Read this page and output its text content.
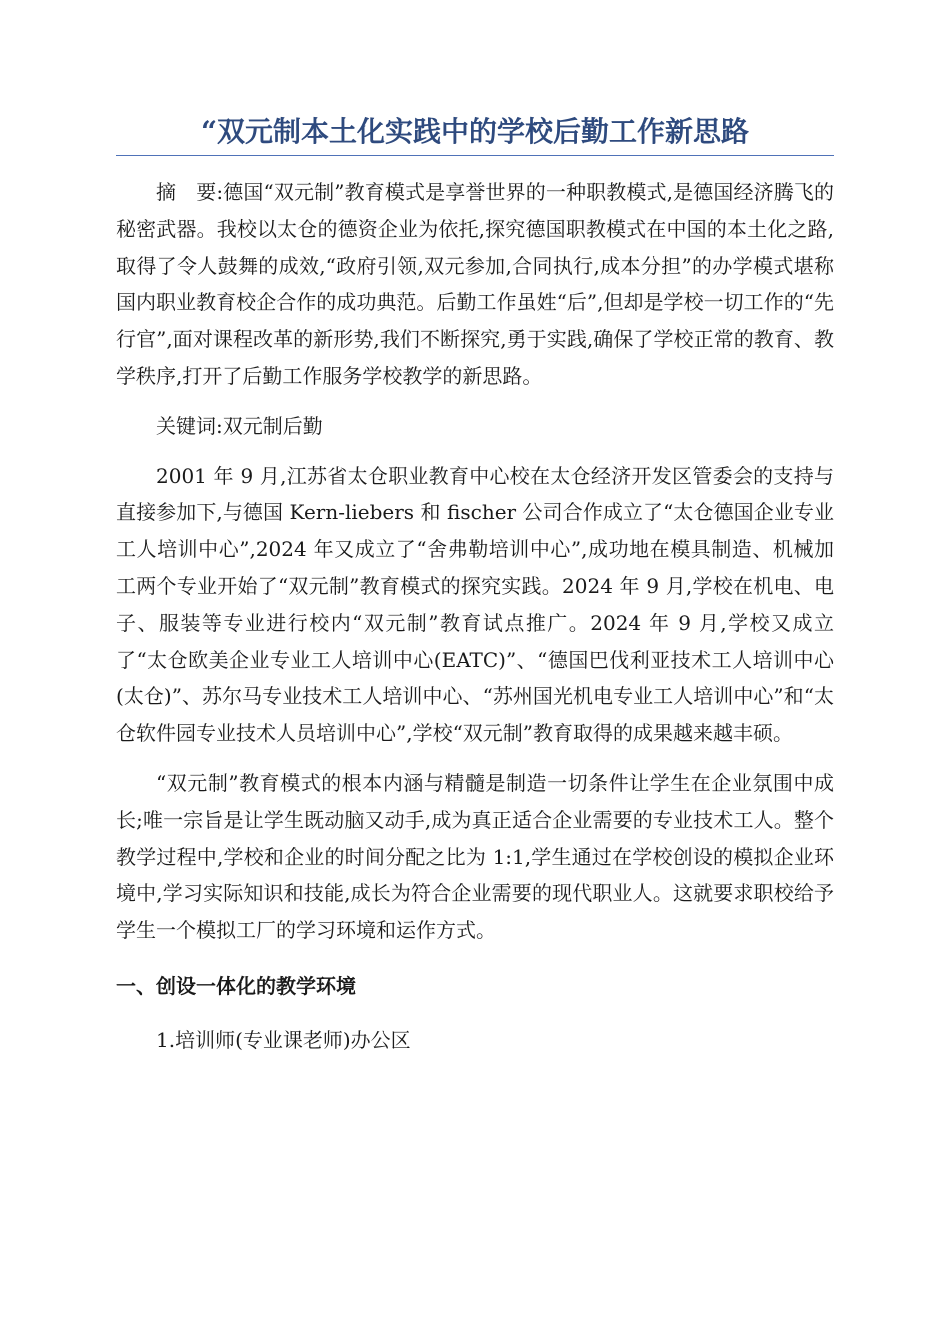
“双元制本土化实践中的学校后勤工作新思路

摘　要:德国“双元制”教育模式是享誉世界的一种职教模式,是德国经济腾飞的秘密武器。我校以太仓的德资企业为依托,探究德国职教模式在中国的本土化之路,取得了令人鼓舞的成效,“政府引领,双元参加,合同执行,成本分担”的办学模式堪称国内职业教育校企合作的成功典范。后勤工作虽姓“后”,但却是学校一切工作的“先行官”,面对课程改革的新形势,我们不断探究,勇于实践,确保了学校正常的教育、教学秩序,打开了后勤工作服务学校教学的新思路。

关键词:双元制后勤

2001 年 9 月,江苏省太仓职业教育中心校在太仓经济开发区管委会的支持与直接参加下,与德国 Kern-liebers 和 fischer 公司合作成立了“太仓德国企业专业工人培训中心”,2024 年又成立了“舍弗勒培训中心”,成功地在模具制造、机械加工两个专业开始了“双元制”教育模式的探究实践。2024 年 9 月,学校在机电、电子、服装等专业进行校内“双元制”教育试点推广。2024 年 9 月,学校又成立了“太仓欧美企业专业工人培训中心(EATC)”、“德国巴伐利亚技术工人培训中心(太仓)”、苏尔马专业技术工人培训中心、“苏州国光机电专业工人培训中心”和“太仓软件园专业技术人员培训中心”,学校“双元制”教育取得的成果越来越丰硕。

“双元制”教育模式的根本内涵与精髓是制造一切条件让学生在企业氛围中成长;唯一宗旨是让学生既动脑又动手,成为真正适合企业需要的专业技术工人。整个教学过程中,学校和企业的时间分配之比为 1:1,学生通过在学校创设的模拟企业环境中,学习实际知识和技能,成长为符合企业需要的现代职业人。这就要求职校给予学生一个模拟工厂的学习环境和运作方式。

一、创设一体化的教学环境

1.培训师(专业课老师)办公区
